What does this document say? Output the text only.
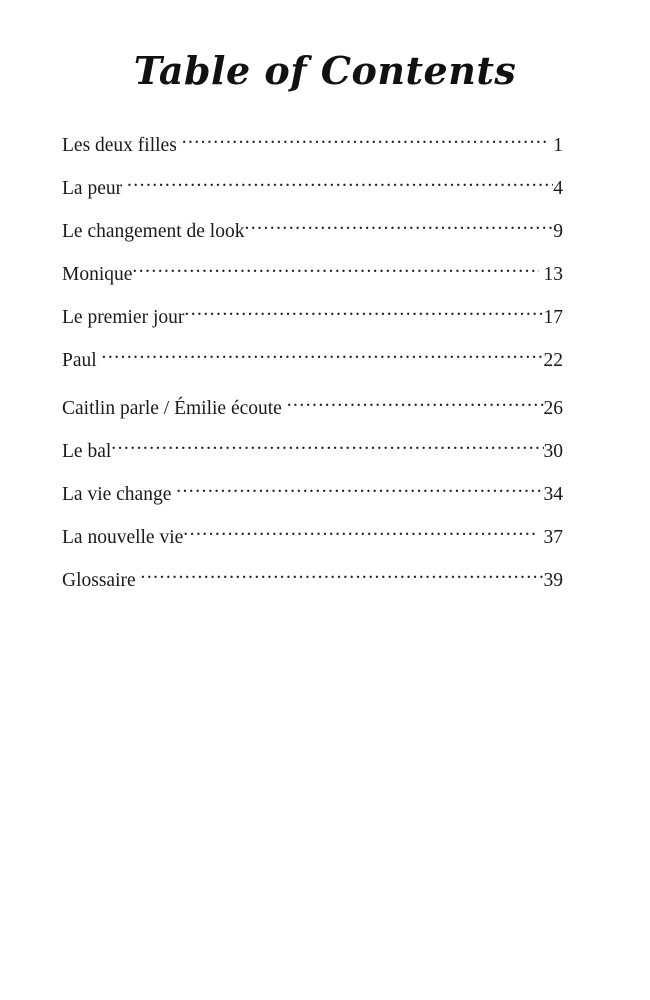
Table of Contents
Les deux filles .....	1
La peur .....	4
Le changement de look .....	9
Monique .....	13
Le premier jour .....	17
Paul .....	22
Caitlin parle / Émilie écoute .....	26
Le bal .....	30
La vie change .....	34
La nouvelle vie .....	37
Glossaire .....	39
